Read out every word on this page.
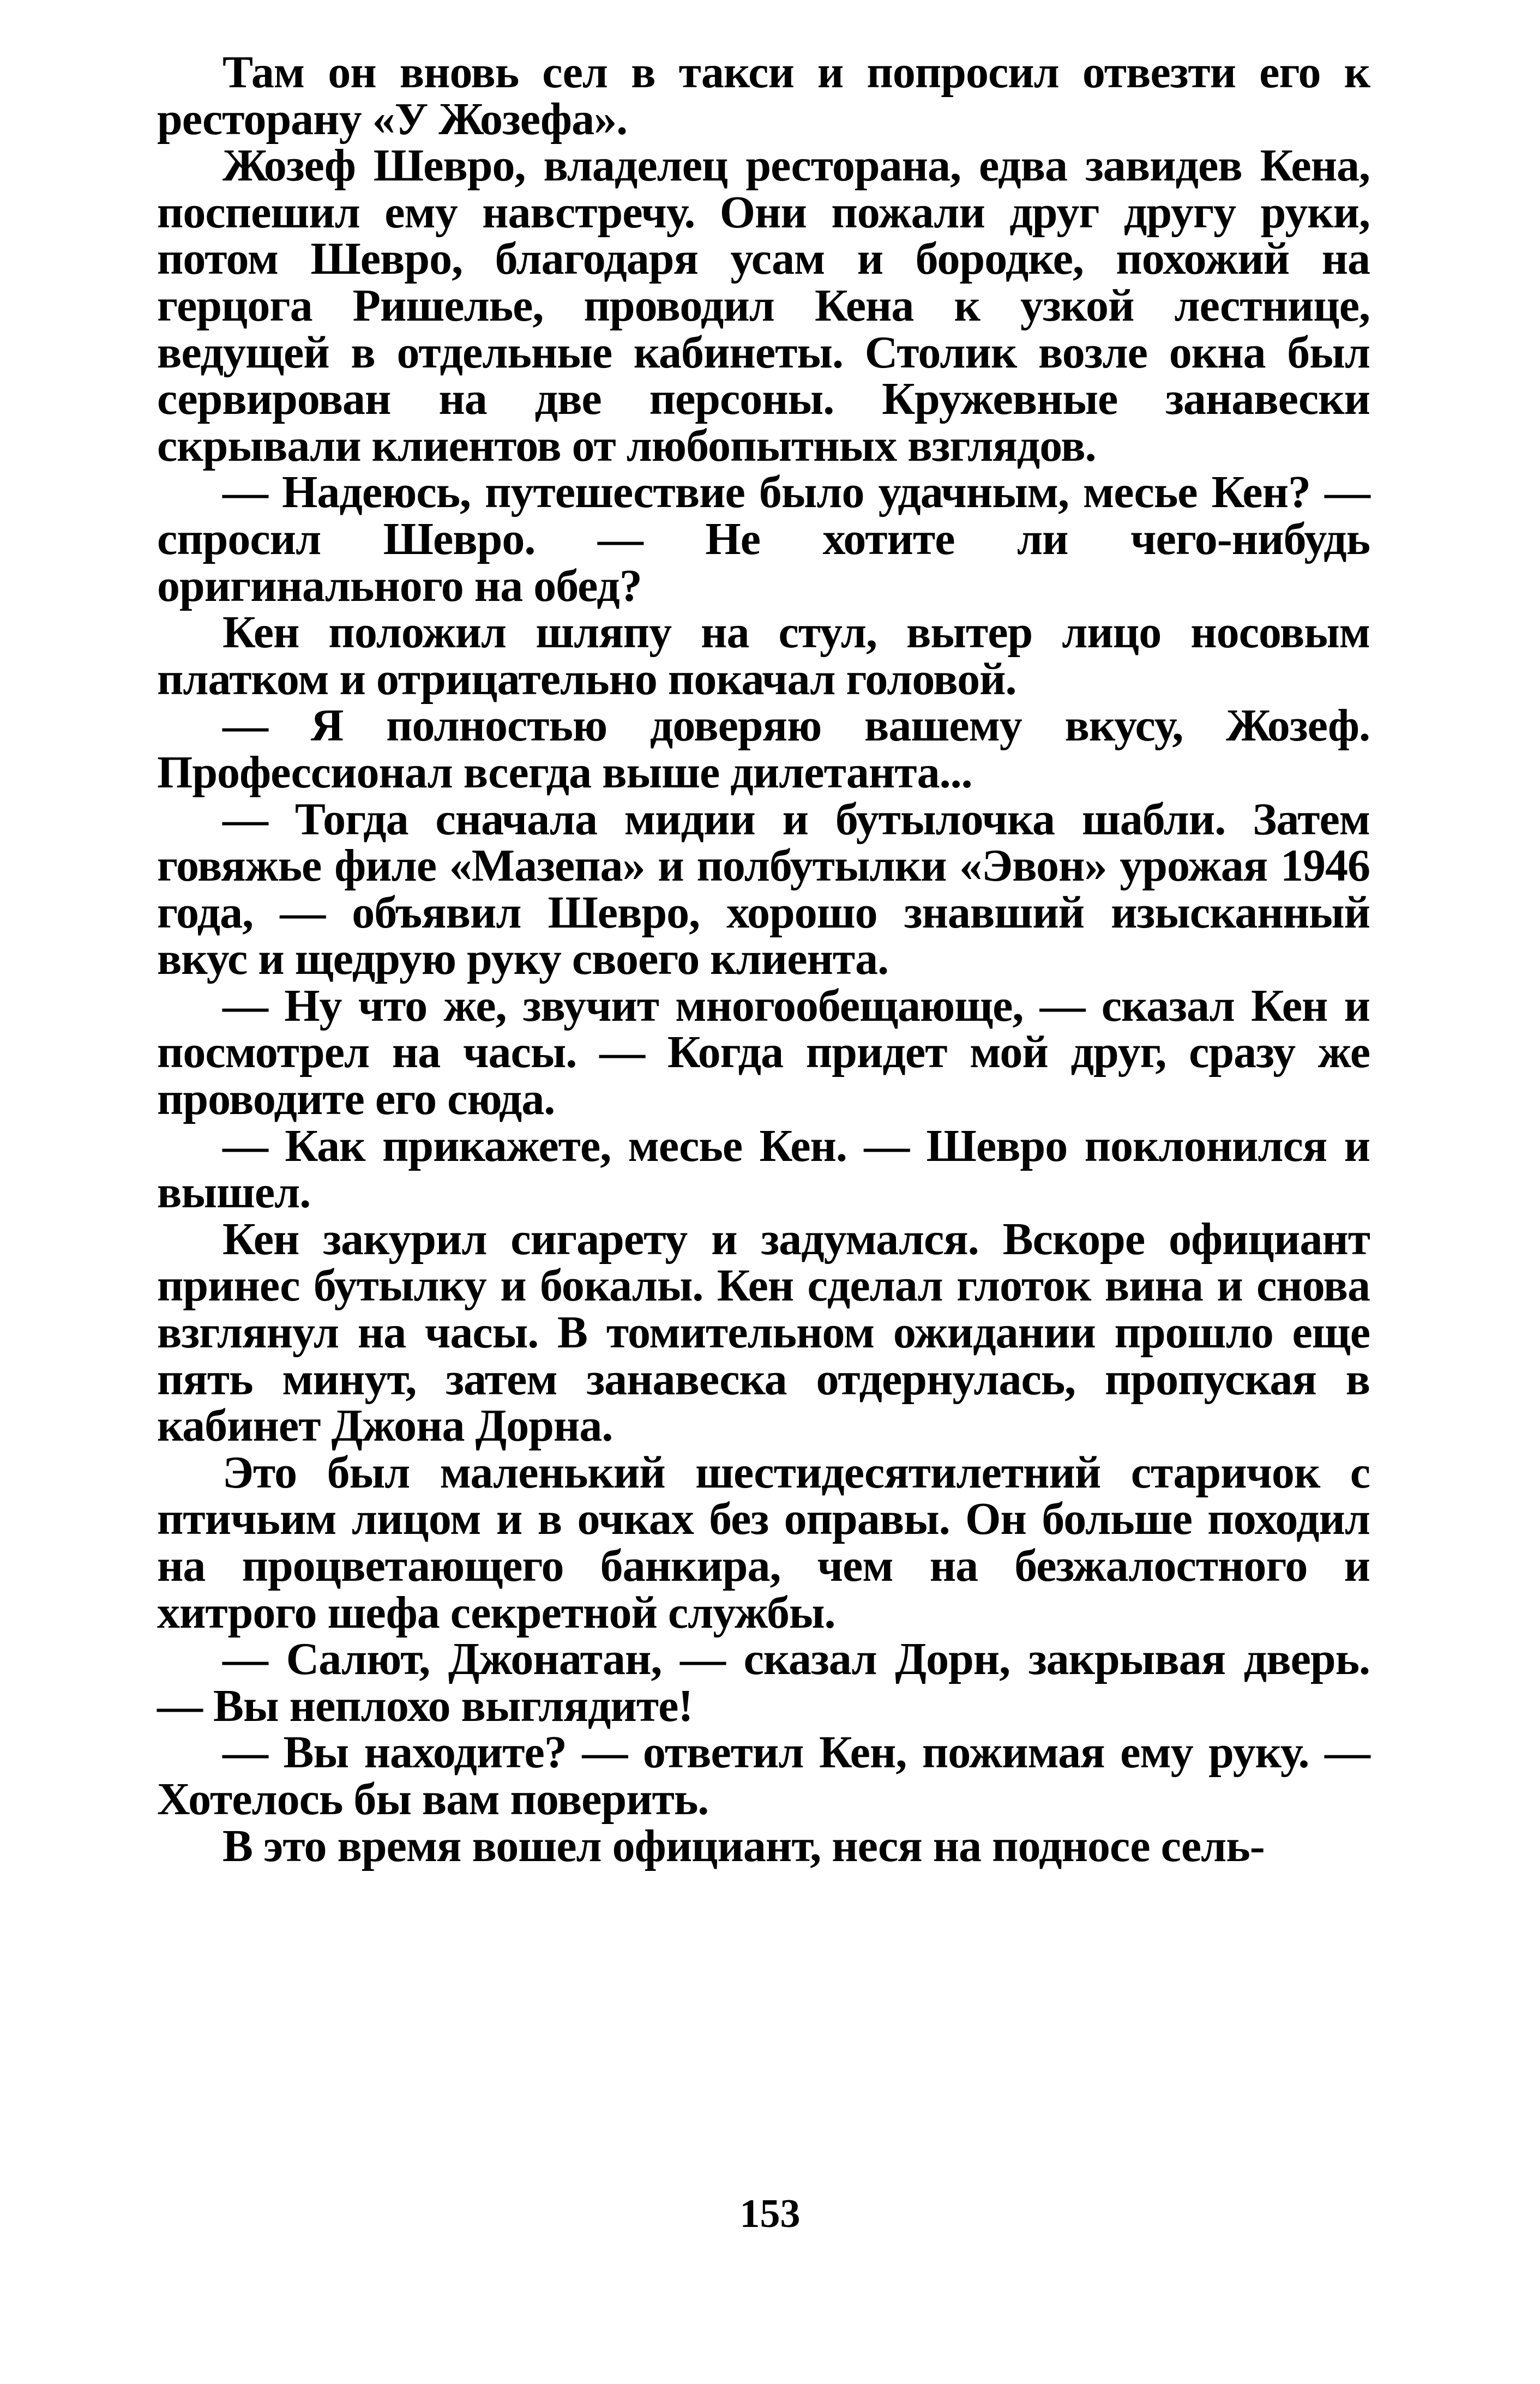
Там он вновь сел в такси и попросил отвезти его к ресторану «У Жозефа».

Жозеф Шевро, владелец ресторана, едва завидев Кена, поспешил ему навстречу. Они пожали друг другу руки, потом Шевро, благодаря усам и бородке, похожий на герцога Ришелье, проводил Кена к узкой лестнице, ведущей в отдельные кабинеты. Столик возле окна был сервирован на две персоны. Кружевные занавески скрывали клиентов от любопытных взглядов.

— Надеюсь, путешествие было удачным, месье Кен? — спросил Шевро. — Не хотите ли чего-нибудь оригинального на обед?

Кен положил шляпу на стул, вытер лицо носовым платком и отрицательно покачал головой.

— Я полностью доверяю вашему вкусу, Жозеф. Профессионал всегда выше дилетанта...

— Тогда сначала мидии и бутылочка шабли. Затем говяжье филе «Мазепа» и полбутылки «Эвон» урожая 1946 года, — объявил Шевро, хорошо знавший изысканный вкус и щедрую руку своего клиента.

— Ну что же, звучит многообещающе, — сказал Кен и посмотрел на часы. — Когда придет мой друг, сразу же проводите его сюда.

— Как прикажете, месье Кен. — Шевро поклонился и вышел.

Кен закурил сигарету и задумался. Вскоре официант принес бутылку и бокалы. Кен сделал глоток вина и снова взглянул на часы. В томительном ожидании прошло еще пять минут, затем занавеска отдернулась, пропуская в кабинет Джона Дорна.

Это был маленький шестидесятилетний старичок с птичьим лицом и в очках без оправы. Он больше походил на процветающего банкира, чем на безжалостного и хитрого шефа секретной службы.

— Салют, Джонатан, — сказал Дорн, закрывая дверь. — Вы неплохо выглядите!

— Вы находите? — ответил Кен, пожимая ему руку. — Хотелось бы вам поверить.

В это время вошел официант, неся на подносе сель-

153
